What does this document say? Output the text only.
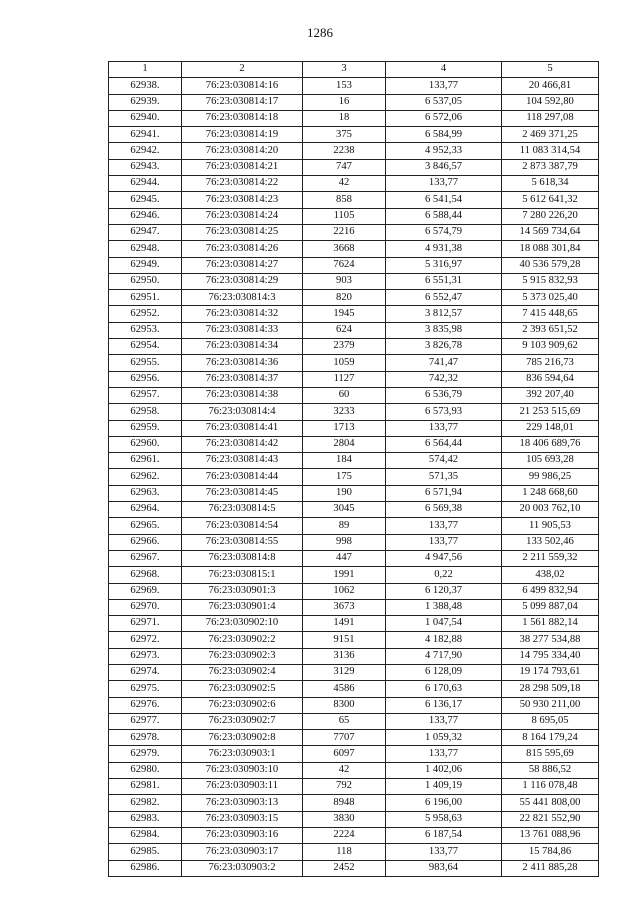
1286
1	2	3	4	5
62938.	76:23:030814:16	153	133,77	20 466,81
62939.	76:23:030814:17	16	6 537,05	104 592,80
62940.	76:23:030814:18	18	6 572,06	118 297,08
62941.	76:23:030814:19	375	6 584,99	2 469 371,25
62942.	76:23:030814:20	2238	4 952,33	11 083 314,54
62943.	76:23:030814:21	747	3 846,57	2 873 387,79
62944.	76:23:030814:22	42	133,77	5 618,34
62945.	76:23:030814:23	858	6 541,54	5 612 641,32
62946.	76:23:030814:24	1105	6 588,44	7 280 226,20
62947.	76:23:030814:25	2216	6 574,79	14 569 734,64
62948.	76:23:030814:26	3668	4 931,38	18 088 301,84
62949.	76:23:030814:27	7624	5 316,97	40 536 579,28
62950.	76:23:030814:29	903	6 551,31	5 915 832,93
62951.	76:23:030814:3	820	6 552,47	5 373 025,40
62952.	76:23:030814:32	1945	3 812,57	7 415 448,65
62953.	76:23:030814:33	624	3 835,98	2 393 651,52
62954.	76:23:030814:34	2379	3 826,78	9 103 909,62
62955.	76:23:030814:36	1059	741,47	785 216,73
62956.	76:23:030814:37	1127	742,32	836 594,64
62957.	76:23:030814:38	60	6 536,79	392 207,40
62958.	76:23:030814:4	3233	6 573,93	21 253 515,69
62959.	76:23:030814:41	1713	133,77	229 148,01
62960.	76:23:030814:42	2804	6 564,44	18 406 689,76
62961.	76:23:030814:43	184	574,42	105 693,28
62962.	76:23:030814:44	175	571,35	99 986,25
62963.	76:23:030814:45	190	6 571,94	1 248 668,60
62964.	76:23:030814:5	3045	6 569,38	20 003 762,10
62965.	76:23:030814:54	89	133,77	11 905,53
62966.	76:23:030814:55	998	133,77	133 502,46
62967.	76:23:030814:8	447	4 947,56	2 211 559,32
62968.	76:23:030815:1	1991	0,22	438,02
62969.	76:23:030901:3	1062	6 120,37	6 499 832,94
62970.	76:23:030901:4	3673	1 388,48	5 099 887,04
62971.	76:23:030902:10	1491	1 047,54	1 561 882,14
62972.	76:23:030902:2	9151	4 182,88	38 277 534,88
62973.	76:23:030902:3	3136	4 717,90	14 795 334,40
62974.	76:23:030902:4	3129	6 128,09	19 174 793,61
62975.	76:23:030902:5	4586	6 170,63	28 298 509,18
62976.	76:23:030902:6	8300	6 136,17	50 930 211,00
62977.	76:23:030902:7	65	133,77	8 695,05
62978.	76:23:030902:8	7707	1 059,32	8 164 179,24
62979.	76:23:030903:1	6097	133,77	815 595,69
62980.	76:23:030903:10	42	1 402,06	58 886,52
62981.	76:23:030903:11	792	1 409,19	1 116 078,48
62982.	76:23:030903:13	8948	6 196,00	55 441 808,00
62983.	76:23:030903:15	3830	5 958,63	22 821 552,90
62984.	76:23:030903:16	2224	6 187,54	13 761 088,96
62985.	76:23:030903:17	118	133,77	15 784,86
62986.	76:23:030903:2	2452	983,64	2 411 885,28
